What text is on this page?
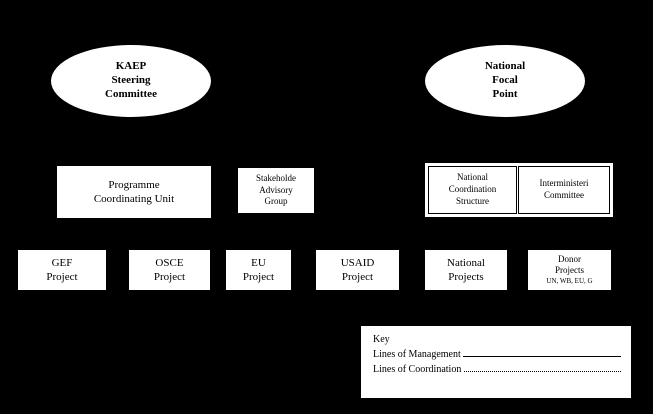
KAEP
Steering
Committee
National
Focal
Point
Programme
Coordinating Unit
Stakeholde
Advisory
Group
National
Coordination
Structure
Interministeri
Committee
GEF
Project
OSCE
Project
EU
Project
USAID
Project
National
Projects
Donor
Projects
UN, WB, EU, G
Key
Lines of Management
Lines of Coordination
